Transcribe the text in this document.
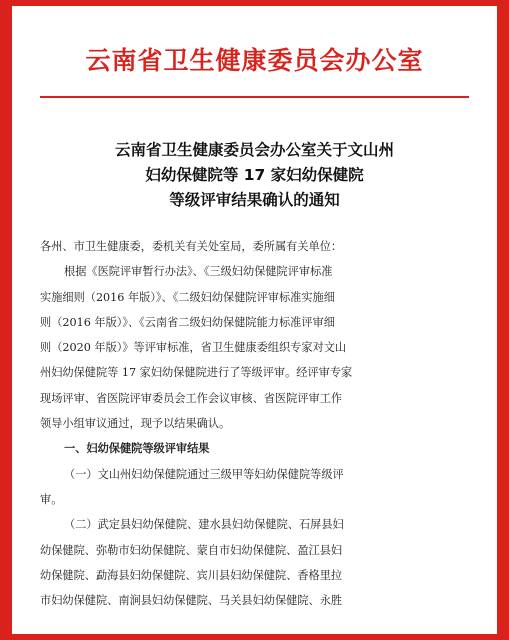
云南省卫生健康委员会办公室
云南省卫生健康委员会办公室关于文山州
妇幼保健院等 17 家妇幼保健院
等级评审结果确认的通知
各州、市卫生健康委，委机关有关处室局，委所属有关单位：
根据《医院评审暂行办法》、《三级妇幼保健院评审标准
实施细则（2016 年版）》、《二级妇幼保健院评审标准实施细
则（2016 年版）》、《云南省二级妇幼保健院能力标准评审细
则（2020 年版）》等评审标准，省卫生健康委组织专家对文山
州妇幼保健院等 17 家妇幼保健院进行了等级评审。经评审专家
现场评审、省医院评审委员会工作会议审核、省医院评审工作
领导小组审议通过，现予以结果确认。
一、妇幼保健院等级评审结果
（一）文山州妇幼保健院通过三级甲等妇幼保健院等级评
审。
（二）武定县妇幼保健院、建水县妇幼保健院、石屏县妇
幼保健院、弥勒市妇幼保健院、蒙自市妇幼保健院、盈江县妇
幼保健院、勐海县妇幼保健院、宾川县妇幼保健院、香格里拉
市妇幼保健院、南涧县妇幼保健院、马关县妇幼保健院、永胜
